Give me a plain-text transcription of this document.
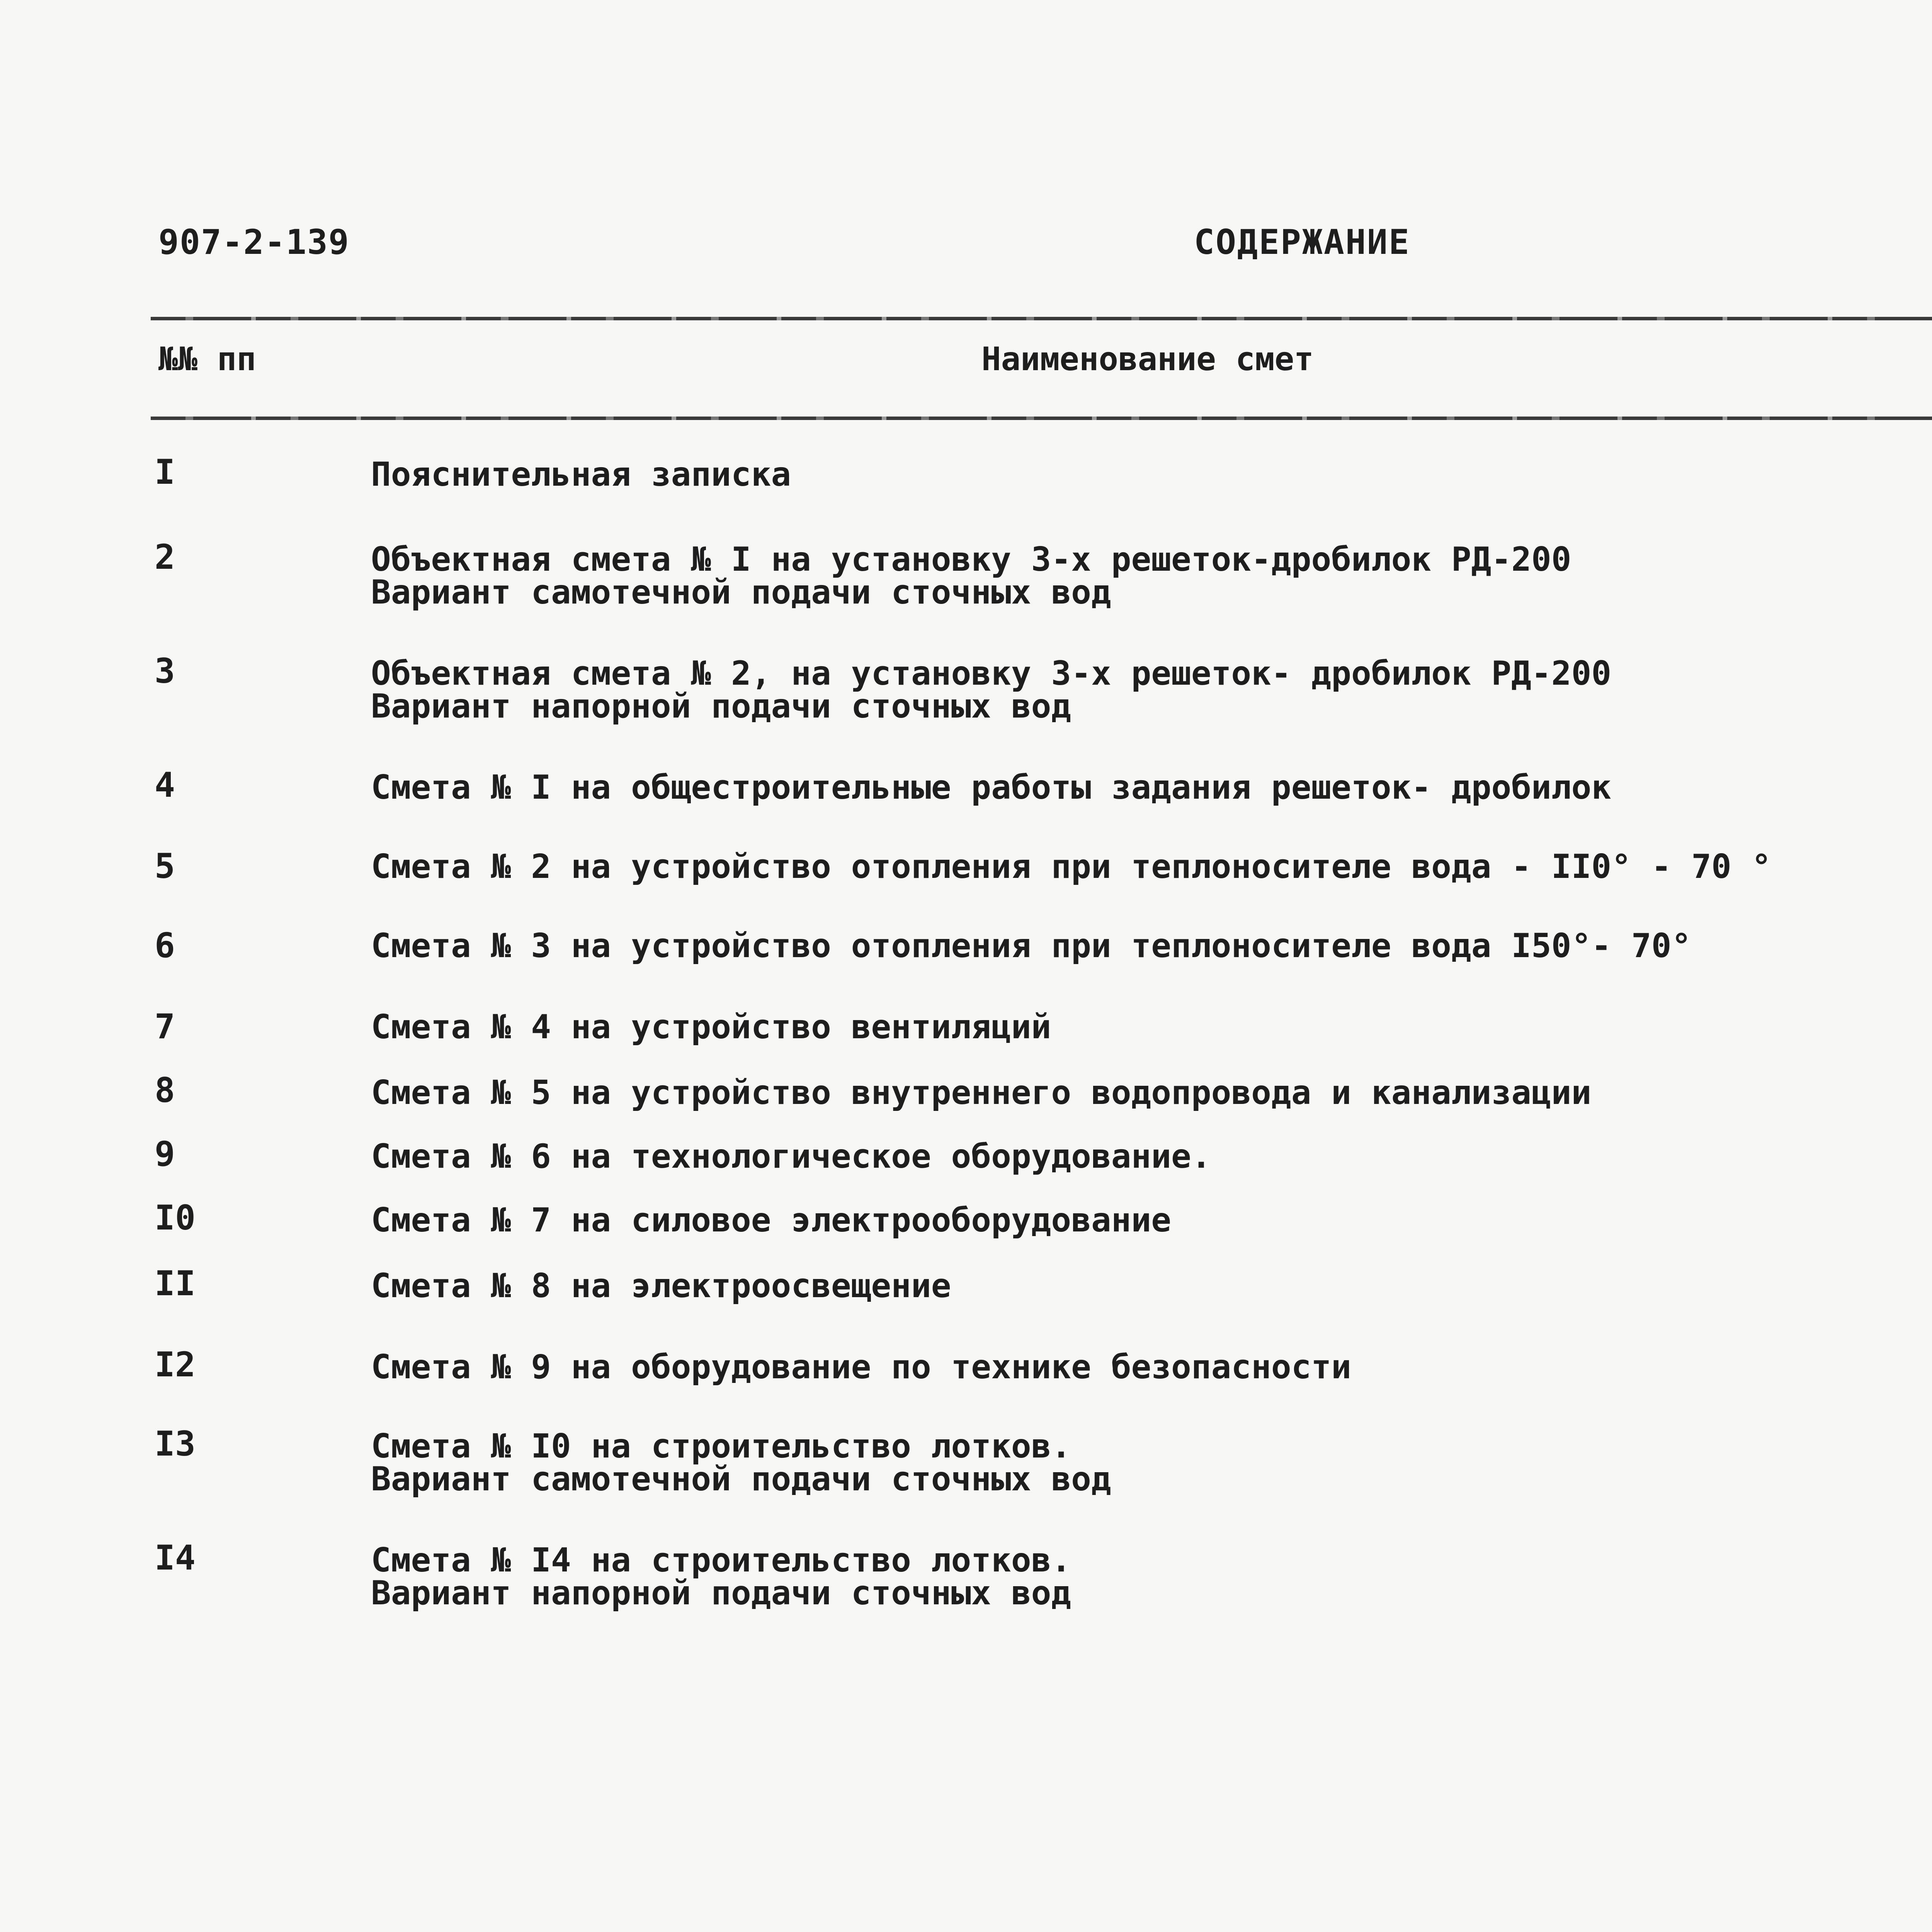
907-2-139	СОДЕРЖАНИЕ
№№ пп	Наименование смет
I	Пояснительная записка
2	Объектная смета № I на установку 3-х решеток-дробилок РД-200
Вариант самотечной подачи сточных вод
3	Объектная смета № 2, на установку 3-х решеток- дробилок РД-200
Вариант напорной подачи сточных вод
4	Смета № I на общестроительные работы задания решеток- дробилок
5	Смета № 2 на устройство отопления при теплоносителе вода - II0° - 70 °
6	Смета № 3 на устройство отопления при теплоносителе вода I50°- 70°
7	Смета № 4 на устройство вентиляций
8	Смета № 5 на устройство внутреннего водопровода и канализации
9	Смета № 6 на технологическое оборудование.
I0	Смета № 7 на силовое электрооборудование
II	Смета № 8 на электроосвещение
I2	Смета № 9 на оборудование по технике безопасности
I3	Смета № I0 на строительство лотков.
Вариант самотечной подачи сточных вод
I4	Смета № I4 на строительство лотков.
Вариант напорной подачи сточных вод
